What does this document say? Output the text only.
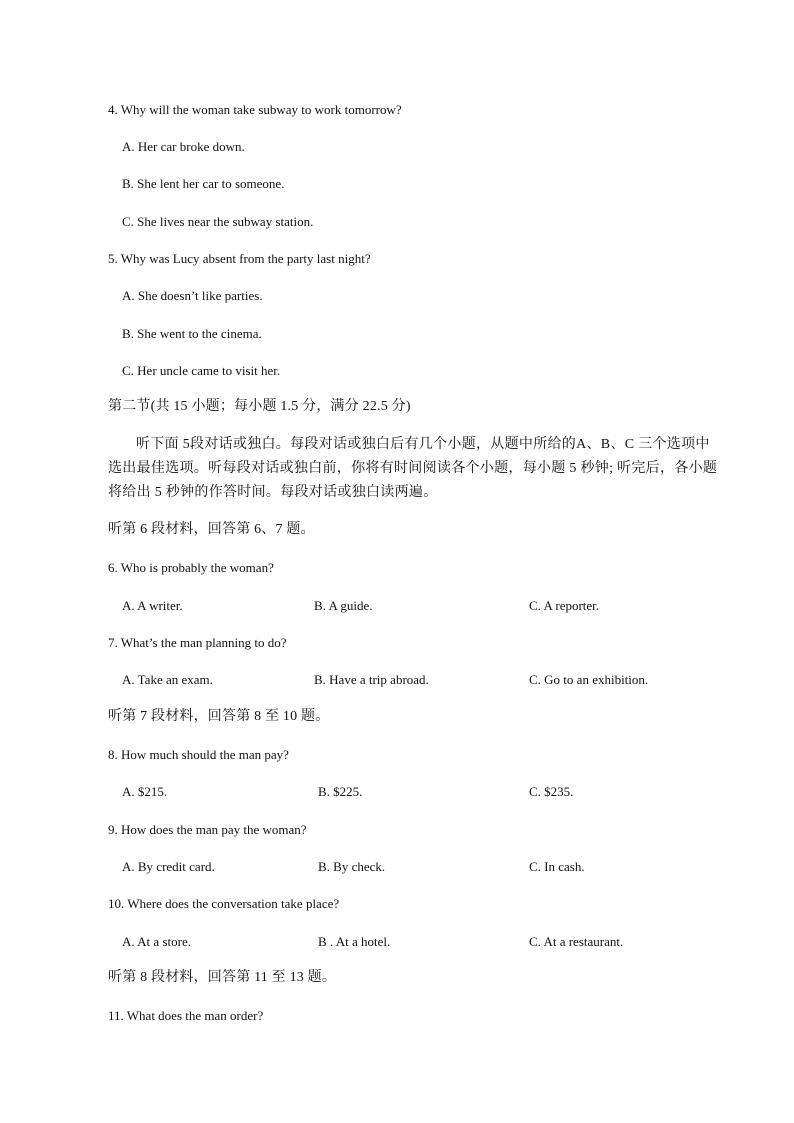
4. Why will the woman take subway to work tomorrow?
A. Her car broke down.
B. She lent her car to someone.
C. She lives near the subway station.
5. Why was Lucy absent from the party last night?
A. She doesn’t like parties.
B. She went to the cinema.
C. Her uncle came to visit her.
第二节(共 15 小题；每小题 1.5 分，满分 22.5 分)
听下面 5段对话或独白。每段对话或独白后有几个小题，从题中所给的A、B、C 三个选项中选出最佳选项。听每段对话或独白前，你将有时间阅读各个小题，每小题 5 秒钟; 听完后，各小题将给出 5 秒钟的作答时间。每段对话或独白读两遍。
听第 6 段材料，回答第 6、7 题。
6. Who is probably the woman?
A. A writer.	B. A guide.	C. A reporter.
7. What’s the man planning to do?
A. Take an exam.	B. Have a trip abroad.	C. Go to an exhibition.
听第 7 段材料，回答第 8 至 10 题。
8. How much should the man pay?
A. $215.	B. $225.	C. $235.
9. How does the man pay the woman?
A. By credit card.	B. By check.	C. In cash.
10. Where does the conversation take place?
A. At a store.	B . At a hotel.	C. At a restaurant.
听第 8 段材料，回答第 11 至 13 题。
11. What does the man order?
